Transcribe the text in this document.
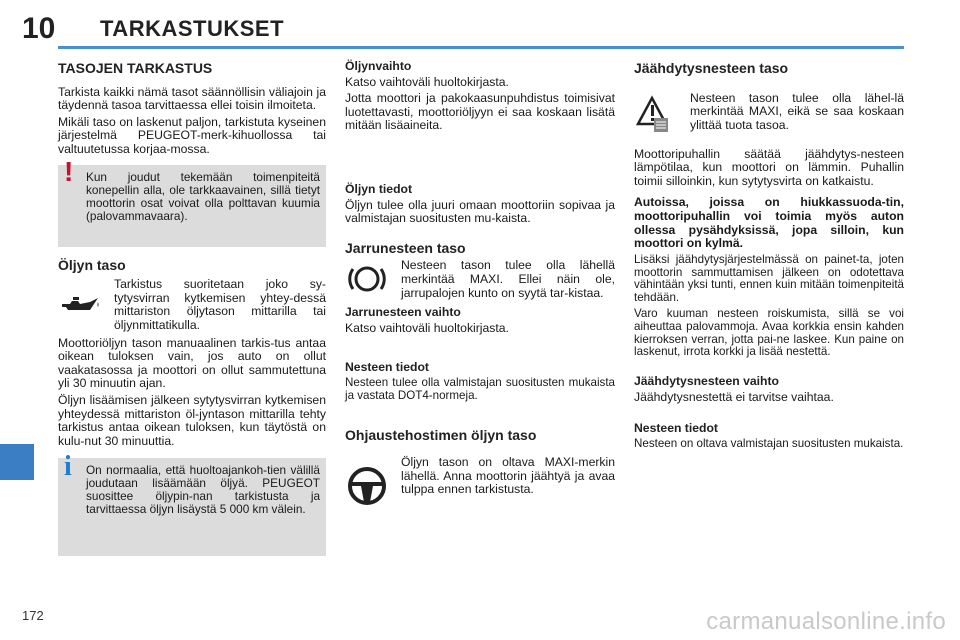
10 TARKASTUKSET
172	carmanualsonline.info
TASOJEN TARKASTUS

Tarkista kaikki nämä tasot säännöllisin väliajoin ja täydennä tasoa tarvittaessa ellei toisin ilmoiteta.

Mikäli taso on laskenut paljon, tarkistuta kyseinen järjestelmä PEUGEOT-merk-kihuollossa tai valtuutetussa korjaa-mossa.

! Kun joudut tekemään toimenpiteitä konepellin alla, ole tarkkaavainen, sillä tietyt moottorin osat voivat olla polttavan kuumia (palovammavaara).
Öljyn taso

Tarkistus suoritetaan joko sy-tytysvirran kytkemisen yhtey-dessä mittariston öljytason mittarilla tai öljynmittatikulla.

Moottoriöljyn tason manuaalinen tarkis-tus antaa oikean tuloksen vain, jos auto on ollut vaakatasossa ja moottori on ollut sammutettuna yli 30 minuutin ajan.

Öljyn lisäämisen jälkeen sytytysvirran kytkemisen yhteydessä mittariston öl-jyntason mittarilla tehty tarkistus antaa oikean tuloksen, kun täytöstä on kulu-nut 30 minuuttia.

i On normaalia, että huoltoajankoh-tien välillä joudutaan lisäämään öljyä. PEUGEOT suosittee öljypin-nan tarkistusta ja tarvittaessa öljyn lisäystä 5 000 km välein.
Öljynvaihto

Katso vaihtoväli huoltokirjasta.

Jotta moottori ja pakokaasunpuhdistus toimisivat luotettavasti, moottoriöljyyn ei saa koskaan lisätä mitään lisäaineita.

Öljyn tiedot

Öljyn tulee olla juuri omaan moottoriin sopivaa ja valmistajan suositusten mu-kaista.

Jarrunesteen taso

Nesteen tason tulee olla lähellä merkintää MAXI. Ellei näin ole, jarrupalojen kunto on syytä tar-kistaa.

Jarrunesteen vaihto

Katso vaihtoväli huoltokirjasta.

Nesteen tiedot

Nesteen tulee olla valmistajan suositusten mukaista ja vastata DOT4-normeja.

Ohjaustehostimen öljyn taso

Öljyn tason on oltava MAXI-merkin lähellä. Anna moottorin jäähtyä ja avaa tulppa ennen tarkistusta.

Jäähdytysnesteen taso

Nesteen tason tulee olla lähel-lä merkintää MAXI, eikä se saa koskaan ylittää tuota tasoa.

Moottoripuhallin säätää jäähdytys-nesteen lämpötilaa, kun moottori on lämmin. Puhallin toimii silloinkin, kun sytytysvirta on katkaistu.

Autoissa, joissa on hiukkassuoda-tin, moottoripuhallin voi toimia myös auton ollessa pysähdyksissä, jopa silloin, kun moottori on kylmä.

Lisäksi jäähdytysjärjestelmässä on painet-ta, joten moottorin sammuttamisen jälkeen on odotettava vähintään yksi tunti, ennen kuin mitään toimenpiteitä tehdään.

Varo kuuman nesteen roiskumista, sillä se voi aiheuttaa palovammoja. Avaa korkkia ensin kahden kierroksen verran, jotta pai-ne laskee. Kun paine on laskenut, irrota korkki ja lisää nestettä.

Jäähdytysnesteen vaihto

Jäähdytysnestettä ei tarvitse vaihtaa.

Nesteen tiedot

Nesteen on oltava valmistajan suositusten mukaista.
